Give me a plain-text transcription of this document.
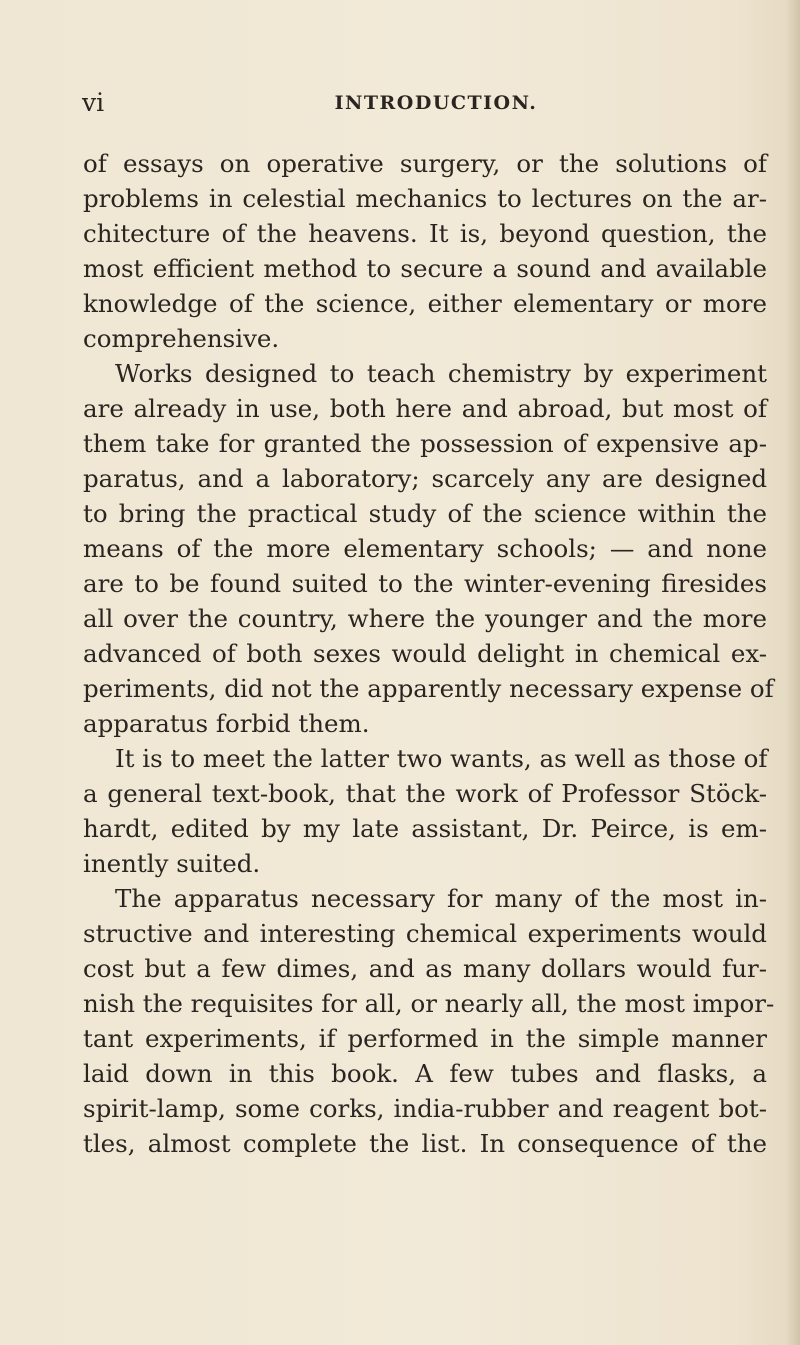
vi	INTRODUCTION.
of essays on operative surgery, or the solutions of
problems in celestial mechanics to lectures on the ar-
chitecture of the heavens. It is, beyond question, the
most efficient method to secure a sound and available
knowledge of the science, either elementary or more
comprehensive.
Works designed to teach chemistry by experiment
are already in use, both here and abroad, but most of
them take for granted the possession of expensive ap-
paratus, and a laboratory; scarcely any are designed
to bring the practical study of the science within the
means of the more elementary schools; — and none
are to be found suited to the winter-evening firesides
all over the country, where the younger and the more
advanced of both sexes would delight in chemical ex-
periments, did not the apparently necessary expense of
apparatus forbid them.
It is to meet the latter two wants, as well as those of
a general text-book, that the work of Professor Stöck-
hardt, edited by my late assistant, Dr. Peirce, is em-
inently suited.
The apparatus necessary for many of the most in-
structive and interesting chemical experiments would
cost but a few dimes, and as many dollars would fur-
nish the requisites for all, or nearly all, the most impor-
tant experiments, if performed in the simple manner
laid down in this book. A few tubes and flasks, a
spirit-lamp, some corks, india-rubber and reagent bot-
tles, almost complete the list. In consequence of the
